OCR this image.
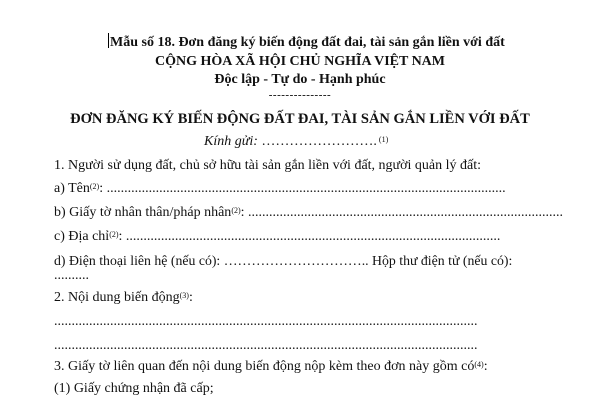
Mẫu số 18. Đơn đăng ký biến động đất đai, tài sản gắn liền với đất
CỘNG HÒA XÃ HỘI CHỦ NGHĨA VIỆT NAM
Độc lập - Tự do - Hạnh phúc
---------------
ĐƠN ĐĂNG KÝ BIẾN ĐỘNG ĐẤT ĐAI, TÀI SẢN GẮN LIỀN VỚI ĐẤT
Kính gửi: ……………………. $^{(1)}$
1. Người sử dụng đất, chủ sở hữu tài sản gắn liền với đất, người quản lý đất:
a) Tên$^{(2)}$: ..................................................................................................................
b) Giấy tờ nhân thân/pháp nhân$^{(2)}$: ..........................................................................................
c) Địa chỉ$^{(2)}$: ...........................................................................................................
d) Điện thoại liên hệ (nếu có): ………………………….. Hộp thư điện tử (nếu có):
..........
2. Nội dung biến động$^{(3)}$:
.........................................................................................................................
.........................................................................................................................
3. Giấy tờ liên quan đến nội dung biến động nộp kèm theo đơn này gồm $có^{(4)}$:
(1) Giấy chứng nhận đã cấp;
